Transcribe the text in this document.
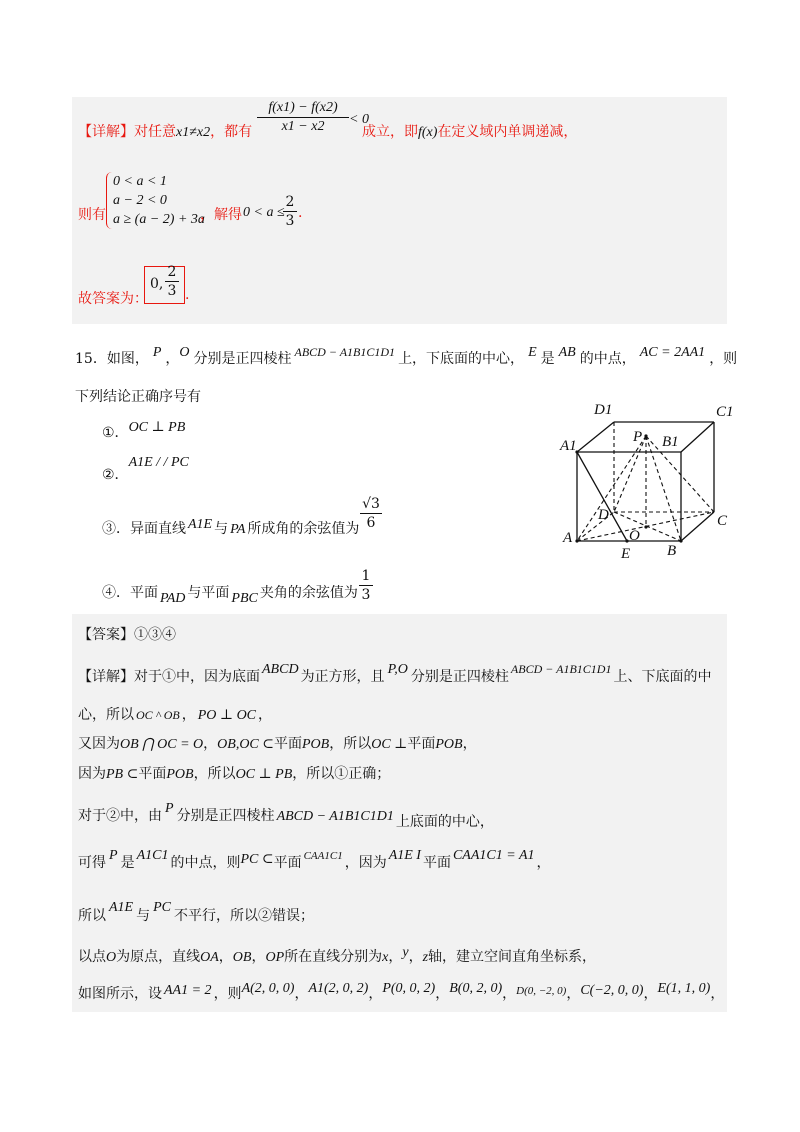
【详解】对任意x1≠x2，都有 $\frac{f(x1) - f(x2)}{x1 - x2} < 0$
成立，即f(x)在定义域内单调递减，
则有
0 < a < 1
a − 2 < 0
a ≥ (a − 2) + 3a
，解得 0 < a ≤
$\frac{2}{3}$ .
故答案为：
0, $\frac{2}{3}$ .
15．如图， P ，O 分别是正四棱柱 ABCD − A1B1C1D1 上，下底面的中心， E 是 AB 的中点， AC = 2AA1 ，则
下列结论正确序号有
①．OC ⊥ PB
②．A1E / / PC
③．异面直线 A1E 与 PA 所成角的余弦值为 $\frac{√3}{6}$
④．平面 PAD 与平面 PBC 夹角的余弦值为 $\frac{1}{3}$
D1	C1
A1
P B1
D
O
C
A
E B
【答案】①③④
【详解】对于①中，因为底面 ABCD 为正方形，且 P,O 分别是正四棱柱 ABCD − A1B1C1D1 上、下底面的中
心，所以 OC ^ OB ， PO ⊥ OC ，
又因为OB ⋂ OC = O，OB,OC ⊂平面POB，所以OC ⊥平面POB，
因为PB ⊂平面POB，所以OC ⊥ PB，所以①正确；
对于②中，由 P 分别是正四棱柱 ABCD − A1B1C1D1 上底面的中心，
可得 P 是 A1C1 的中点，则PC ⊂平面 $^{CAA1C1}$ ，因为 A1E I 平面 CAA1C1 = A1 ，
所以A1E与PC不平行，所以②错误；
以点O为原点，直线OA，OB，OP所在直线分别为x，y，z轴，建立空间直角坐标系，
如图所示，设 AA1 = 2 ，则A(2, 0, 0)，A1(2, 0, 2)，P(0, 0, 2)，B(0, 2, 0)，$^{D(0, -2, 0)}$，C(−2, 0, 0)，E(1, 1, 0)，
